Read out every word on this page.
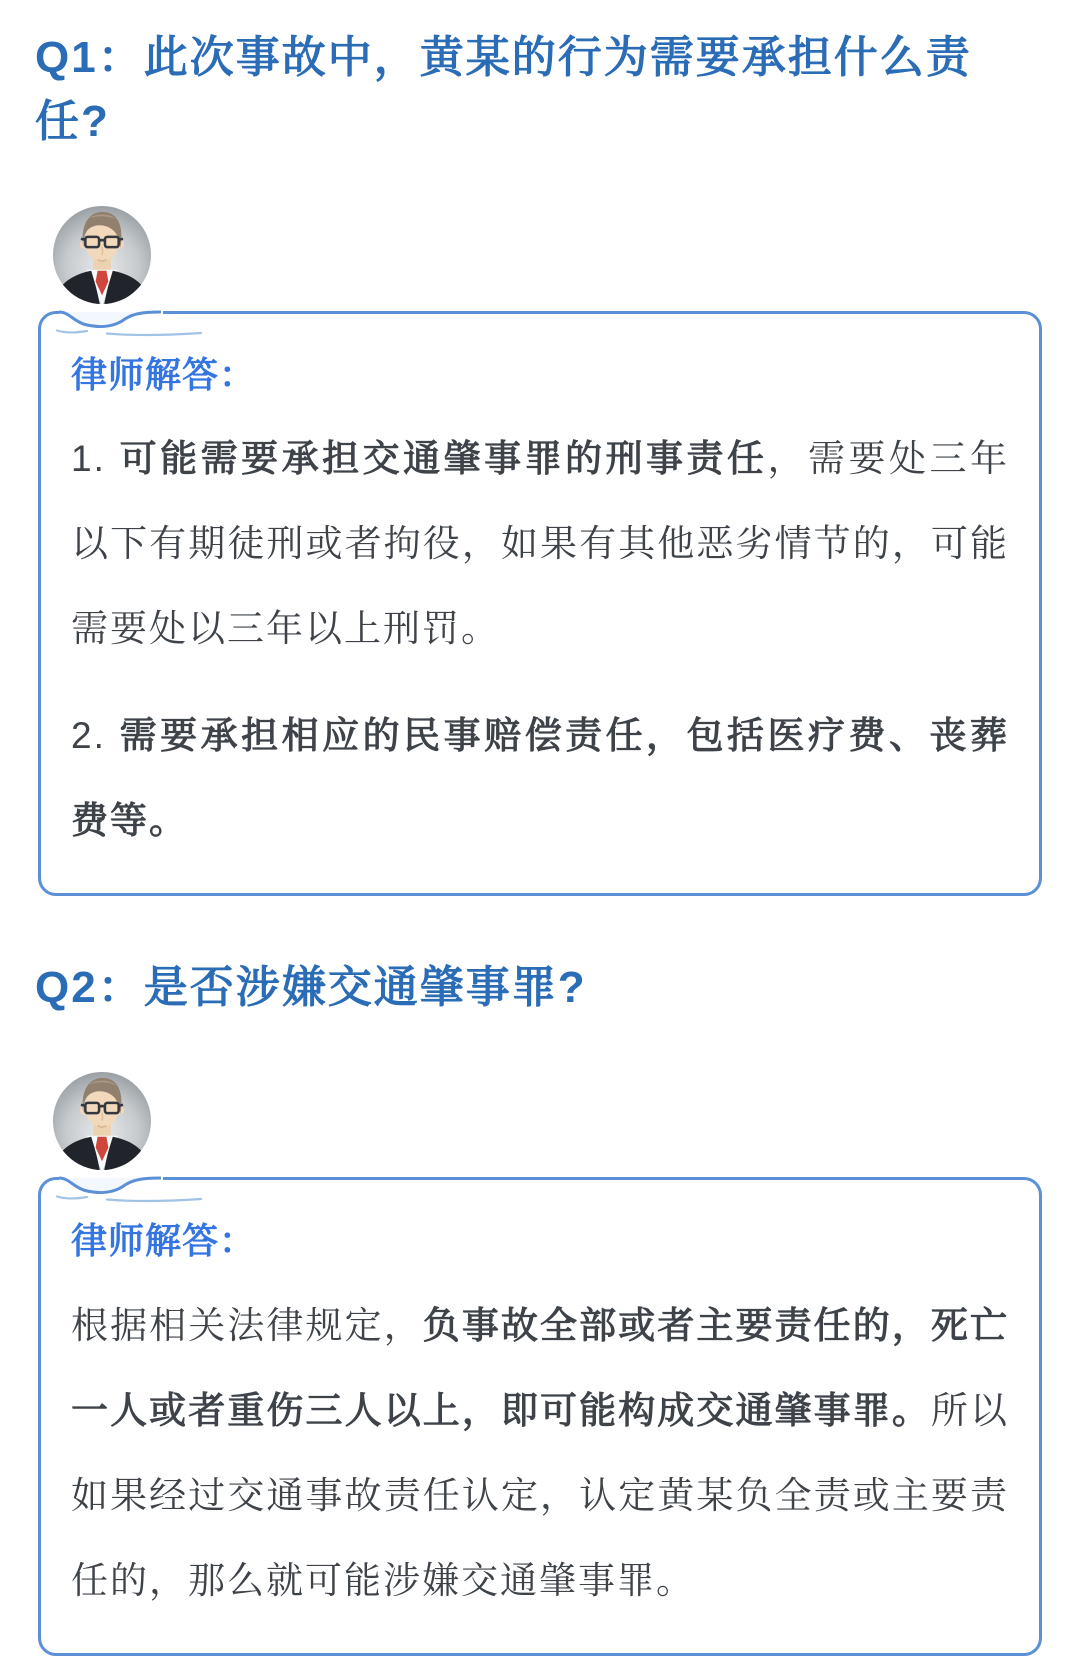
Q1：此次事故中，黄某的行为需要承担什么责任?
律师解答：

1. 可能需要承担交通肇事罪的刑事责任，需要处三年以下有期徒刑或者拘役，如果有其他恶劣情节的，可能需要处以三年以上刑罚。

2. 需要承担相应的民事赔偿责任，包括医疗费、丧葬费等。

Q2：是否涉嫌交通肇事罪?
律师解答：

根据相关法律规定，负事故全部或者主要责任的，死亡一人或者重伤三人以上，即可能构成交通肇事罪。所以如果经过交通事故责任认定，认定黄某负全责或主要责任的，那么就可能涉嫌交通肇事罪。
